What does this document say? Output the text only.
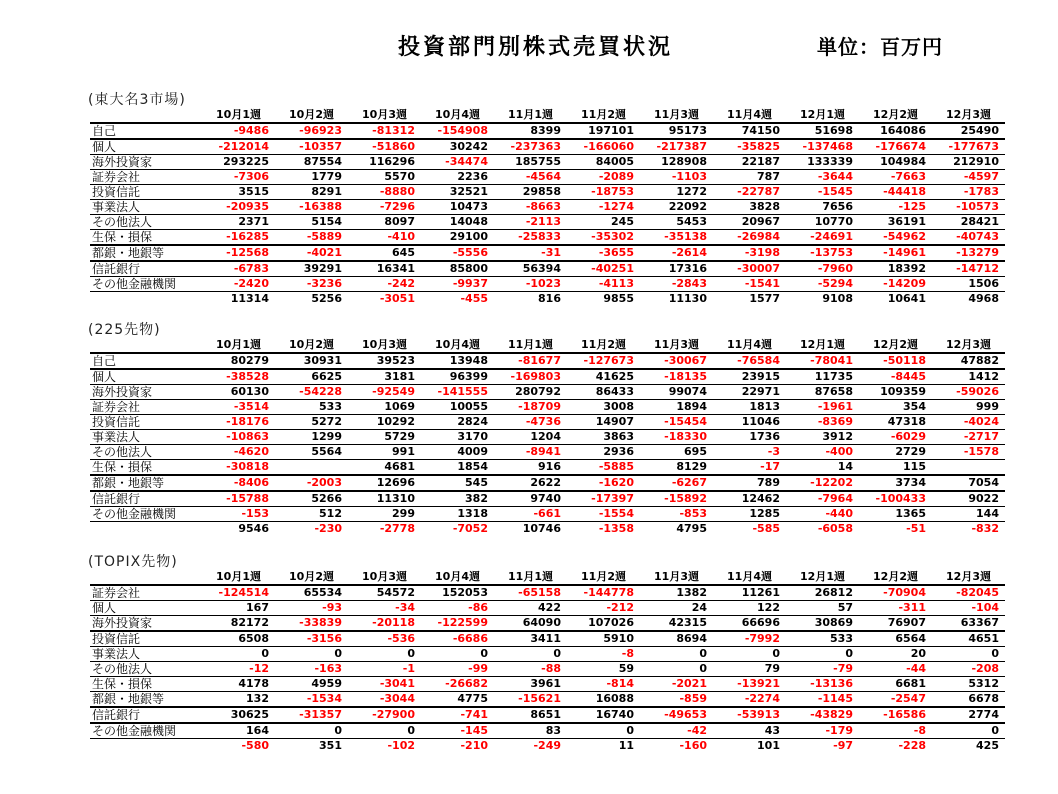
投資部門別株式売買状況	単位：百万円
(東大名3市場)
	10月1週	10月2週	10月3週	10月4週	11月1週	11月2週	11月3週	11月4週	12月1週	12月2週	12月3週
自己	-9486	-96923	-81312	-154908	8399	197101	95173	74150	51698	164086	25490
個人	-212014	-10357	-51860	30242	-237363	-166060	-217387	-35825	-137468	-176674	-177673
海外投資家	293225	87554	116296	-34474	185755	84005	128908	22187	133339	104984	212910
証券会社	-7306	1779	5570	2236	-4564	-2089	-1103	787	-3644	-7663	-4597
投資信託	3515	8291	-8880	32521	29858	-18753	1272	-22787	-1545	-44418	-1783
事業法人	-20935	-16388	-7296	10473	-8663	-1274	22092	3828	7656	-125	-10573
その他法人	2371	5154	8097	14048	-2113	245	5453	20967	10770	36191	28421
生保・損保	-16285	-5889	-410	29100	-25833	-35302	-35138	-26984	-24691	-54962	-40743
都銀・地銀等	-12568	-4021	645	-5556	-31	-3655	-2614	-3198	-13753	-14961	-13279
信託銀行	-6783	39291	16341	85800	56394	-40251	17316	-30007	-7960	18392	-14712
その他金融機関	-2420	-3236	-242	-9937	-1023	-4113	-2843	-1541	-5294	-14209	1506
	11314	5256	-3051	-455	816	9855	11130	1577	9108	10641	4968
(225先物)
	10月1週	10月2週	10月3週	10月4週	11月1週	11月2週	11月3週	11月4週	12月1週	12月2週	12月3週
自己	80279	30931	39523	13948	-81677	-127673	-30067	-76584	-78041	-50118	47882
個人	-38528	6625	3181	96399	-169803	41625	-18135	23915	11735	-8445	1412
海外投資家	60130	-54228	-92549	-141555	280792	86433	99074	22971	87658	109359	-59026
証券会社	-3514	533	1069	10055	-18709	3008	1894	1813	-1961	354	999
投資信託	-18176	5272	10292	2824	-4736	14907	-15454	11046	-8369	47318	-4024
事業法人	-10863	1299	5729	3170	1204	3863	-18330	1736	3912	-6029	-2717
その他法人	-4620	5564	991	4009	-8941	2936	695	-3	-400	2729	-1578
生保・損保	-30818		4681	1854	916	-5885	8129	-17	14	115	
都銀・地銀等	-8406	-2003	12696	545	2622	-1620	-6267	789	-12202	3734	7054
信託銀行	-15788	5266	11310	382	9740	-17397	-15892	12462	-7964	-100433	9022
その他金融機関	-153	512	299	1318	-661	-1554	-853	1285	-440	1365	144
	9546	-230	-2778	-7052	10746	-1358	4795	-585	-6058	-51	-832
(TOPIX先物)
	10月1週	10月2週	10月3週	10月4週	11月1週	11月2週	11月3週	11月4週	12月1週	12月2週	12月3週
証券会社	-124514	65534	54572	152053	-65158	-144778	1382	11261	26812	-70904	-82045
個人	167	-93	-34	-86	422	-212	24	122	57	-311	-104
海外投資家	82172	-33839	-20118	-122599	64090	107026	42315	66696	30869	76907	63367
投資信託	6508	-3156	-536	-6686	3411	5910	8694	-7992	533	6564	4651
事業法人	0	0	0	0	0	-8	0	0	0	20	0
その他法人	-12	-163	-1	-99	-88	59	0	79	-79	-44	-208
生保・損保	4178	4959	-3041	-26682	3961	-814	-2021	-13921	-13136	6681	5312
都銀・地銀等	132	-1534	-3044	4775	-15621	16088	-859	-2274	-1145	-2547	6678
信託銀行	30625	-31357	-27900	-741	8651	16740	-49653	-53913	-43829	-16586	2774
その他金融機関	164	0	0	-145	83	0	-42	43	-179	-8	0
	-580	351	-102	-210	-249	11	-160	101	-97	-228	425
